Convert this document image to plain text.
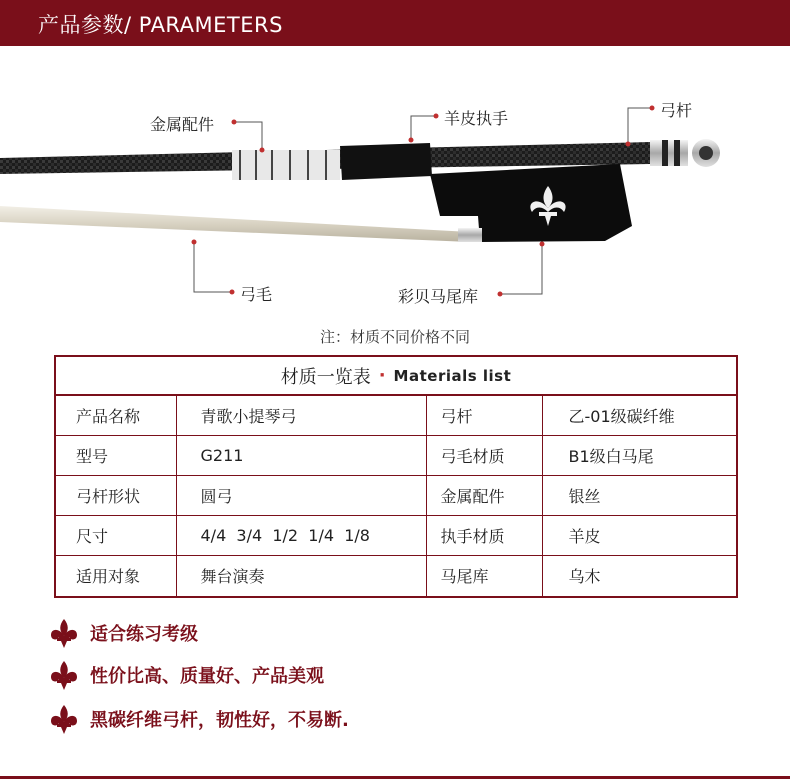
产品参数/ PARAMETERS
金属配件	羊皮执手	弓杆
弓毛	彩贝马尾库
注：材质不同价格不同
材质一览表 · Materials list
产品名称	青歌小提琴弓	弓杆	乙-01级碳纤维
型号	G211	弓毛材质	B1级白马尾
弓杆形状	圆弓	金属配件	银丝
尺寸	4/4  3/4  1/2  1/4  1/8	执手材质	羊皮
适用对象	舞台演奏	马尾库	乌木
适合练习考级
性价比高、质量好、产品美观
黑碳纤维弓杆，韧性好，不易断.
